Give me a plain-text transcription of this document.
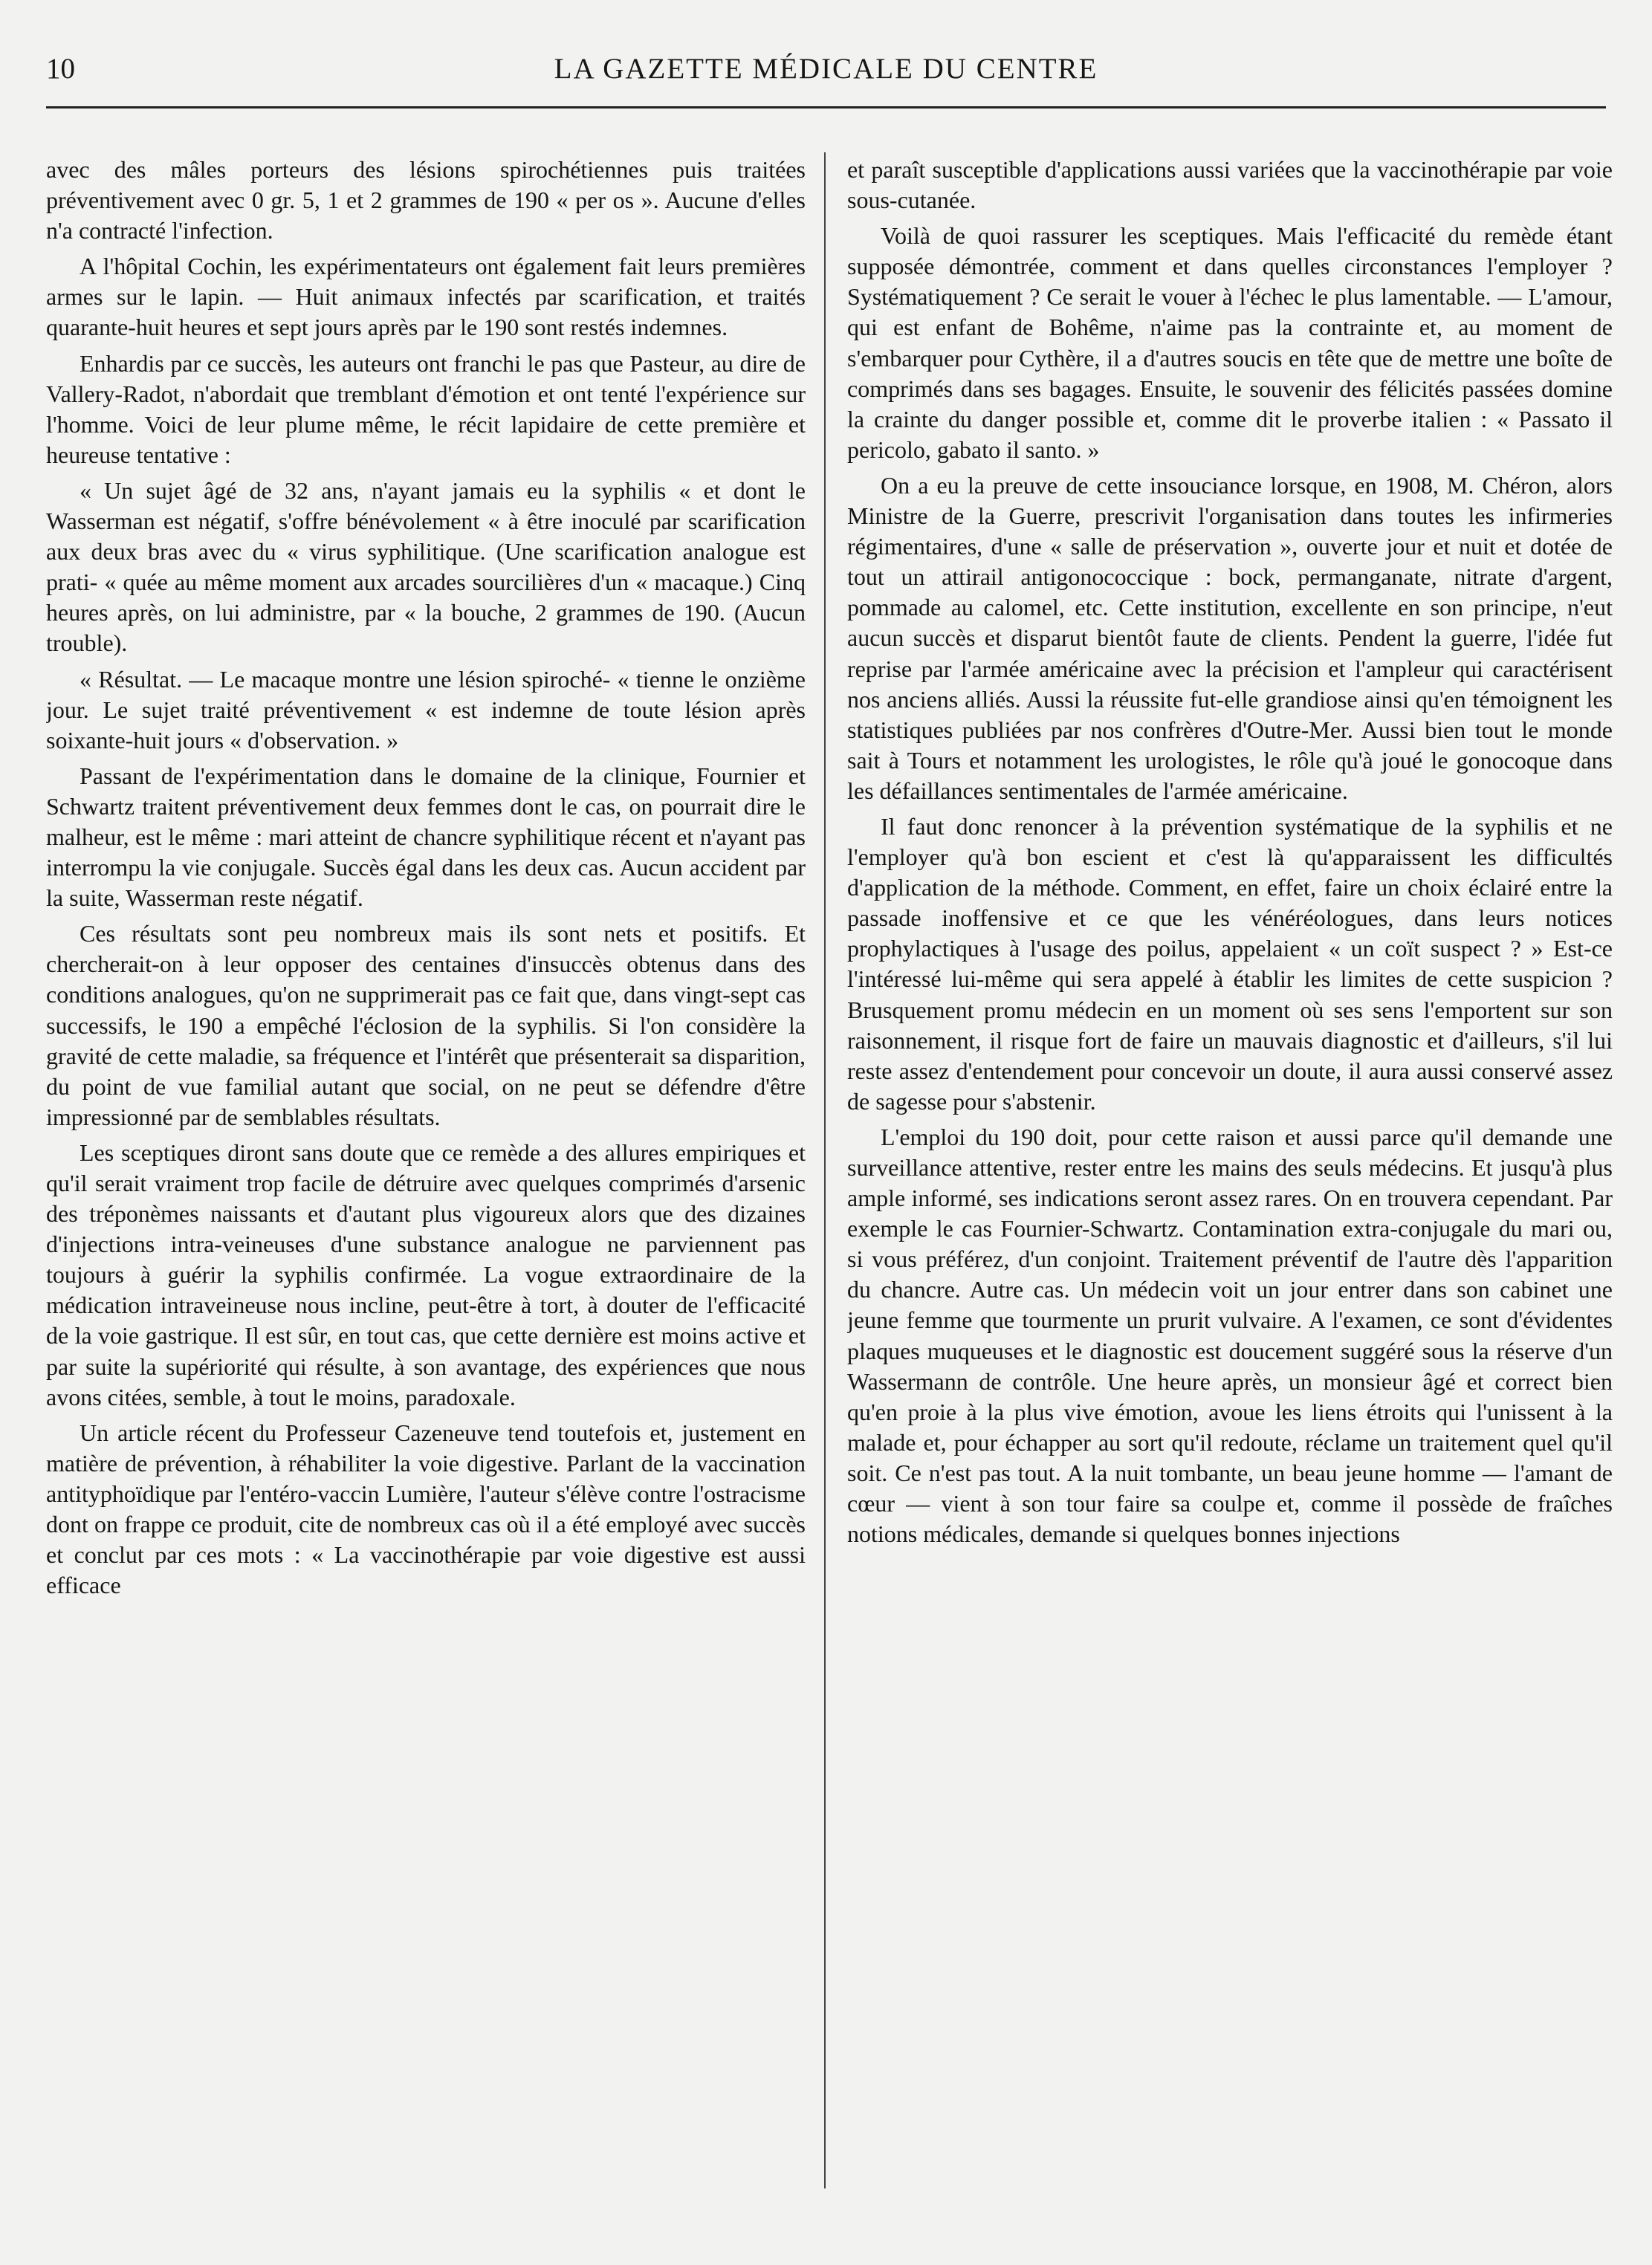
10	LA GAZETTE MÉDICALE DU CENTRE

avec des mâles porteurs des lésions spirochétiennes puis traitées préventivement avec 0 gr. 5, 1 et 2 grammes de 190 « per os ». Aucune d'elles n'a contracté l'infection.

A l'hôpital Cochin, les expérimentateurs ont également fait leurs premières armes sur le lapin. — Huit animaux infectés par scarification, et traités quarante-huit heures et sept jours après par le 190 sont restés indemnes.

Enhardis par ce succès, les auteurs ont franchi le pas que Pasteur, au dire de Vallery-Radot, n'abordait que tremblant d'émotion et ont tenté l'expérience sur l'homme. Voici de leur plume même, le récit lapidaire de cette première et heureuse tentative :

« Un sujet âgé de 32 ans, n'ayant jamais eu la syphilis « et dont le Wasserman est négatif, s'offre bénévolement « à être inoculé par scarification aux deux bras avec du « virus syphilitique. (Une scarification analogue est prati- « quée au même moment aux arcades sourcilières d'un « macaque.) Cinq heures après, on lui administre, par « la bouche, 2 grammes de 190. (Aucun trouble).

« Résultat. — Le macaque montre une lésion spiroché- « tienne le onzième jour. Le sujet traité préventivement « est indemne de toute lésion après soixante-huit jours « d'observation. »

Passant de l'expérimentation dans le domaine de la clinique, Fournier et Schwartz traitent préventivement deux femmes dont le cas, on pourrait dire le malheur, est le même : mari atteint de chancre syphilitique récent et n'ayant pas interrompu la vie conjugale. Succès égal dans les deux cas. Aucun accident par la suite, Wasserman reste négatif.

Ces résultats sont peu nombreux mais ils sont nets et positifs. Et chercherait-on à leur opposer des centaines d'insuccès obtenus dans des conditions analogues, qu'on ne supprimerait pas ce fait que, dans vingt-sept cas successifs, le 190 a empêché l'éclosion de la syphilis. Si l'on considère la gravité de cette maladie, sa fréquence et l'intérêt que présenterait sa disparition, du point de vue familial autant que social, on ne peut se défendre d'être impressionné par de semblables résultats.

Les sceptiques diront sans doute que ce remède a des allures empiriques et qu'il serait vraiment trop facile de détruire avec quelques comprimés d'arsenic des tréponèmes naissants et d'autant plus vigoureux alors que des dizaines d'injections intra-veineuses d'une substance analogue ne parviennent pas toujours à guérir la syphilis confirmée. La vogue extraordinaire de la médication intraveineuse nous incline, peut-être à tort, à douter de l'efficacité de la voie gastrique. Il est sûr, en tout cas, que cette dernière est moins active et par suite la supériorité qui résulte, à son avantage, des expériences que nous avons citées, semble, à tout le moins, paradoxale.

Un article récent du Professeur Cazeneuve tend toutefois et, justement en matière de prévention, à réhabiliter la voie digestive. Parlant de la vaccination antityphoïdique par l'entéro-vaccin Lumière, l'auteur s'élève contre l'ostracisme dont on frappe ce produit, cite de nombreux cas où il a été employé avec succès et conclut par ces mots : « La vaccinothérapie par voie digestive est aussi efficace

et paraît susceptible d'applications aussi variées que la vaccinothérapie par voie sous-cutanée.

Voilà de quoi rassurer les sceptiques. Mais l'efficacité du remède étant supposée démontrée, comment et dans quelles circonstances l'employer ? Systématiquement ? Ce serait le vouer à l'échec le plus lamentable. — L'amour, qui est enfant de Bohême, n'aime pas la contrainte et, au moment de s'embarquer pour Cythère, il a d'autres soucis en tête que de mettre une boîte de comprimés dans ses bagages. Ensuite, le souvenir des félicités passées domine la crainte du danger possible et, comme dit le proverbe italien : « Passato il pericolo, gabato il santo. »

On a eu la preuve de cette insouciance lorsque, en 1908, M. Chéron, alors Ministre de la Guerre, prescrivit l'organisation dans toutes les infirmeries régimentaires, d'une « salle de préservation », ouverte jour et nuit et dotée de tout un attirail antigonococcique : bock, permanganate, nitrate d'argent, pommade au calomel, etc. Cette institution, excellente en son principe, n'eut aucun succès et disparut bientôt faute de clients. Pendent la guerre, l'idée fut reprise par l'armée américaine avec la précision et l'ampleur qui caractérisent nos anciens alliés. Aussi la réussite fut-elle grandiose ainsi qu'en témoignent les statistiques publiées par nos confrères d'Outre-Mer. Aussi bien tout le monde sait à Tours et notamment les urologistes, le rôle qu'à joué le gonocoque dans les défaillances sentimentales de l'armée américaine.

Il faut donc renoncer à la prévention systématique de la syphilis et ne l'employer qu'à bon escient et c'est là qu'apparaissent les difficultés d'application de la méthode. Comment, en effet, faire un choix éclairé entre la passade inoffensive et ce que les vénéréologues, dans leurs notices prophylactiques à l'usage des poilus, appelaient « un coït suspect ? » Est-ce l'intéressé lui-même qui sera appelé à établir les limites de cette suspicion ? Brusquement promu médecin en un moment où ses sens l'emportent sur son raisonnement, il risque fort de faire un mauvais diagnostic et d'ailleurs, s'il lui reste assez d'entendement pour concevoir un doute, il aura aussi conservé assez de sagesse pour s'abstenir.

L'emploi du 190 doit, pour cette raison et aussi parce qu'il demande une surveillance attentive, rester entre les mains des seuls médecins. Et jusqu'à plus ample informé, ses indications seront assez rares. On en trouvera cependant. Par exemple le cas Fournier-Schwartz. Contamination extra-conjugale du mari ou, si vous préférez, d'un conjoint. Traitement préventif de l'autre dès l'apparition du chancre. Autre cas. Un médecin voit un jour entrer dans son cabinet une jeune femme que tourmente un prurit vulvaire. A l'examen, ce sont d'évidentes plaques muqueuses et le diagnostic est doucement suggéré sous la réserve d'un Wassermann de contrôle. Une heure après, un monsieur âgé et correct bien qu'en proie à la plus vive émotion, avoue les liens étroits qui l'unissent à la malade et, pour échapper au sort qu'il redoute, réclame un traitement quel qu'il soit. Ce n'est pas tout. A la nuit tombante, un beau jeune homme — l'amant de cœur — vient à son tour faire sa coulpe et, comme il possède de fraîches notions médicales, demande si quelques bonnes injections
